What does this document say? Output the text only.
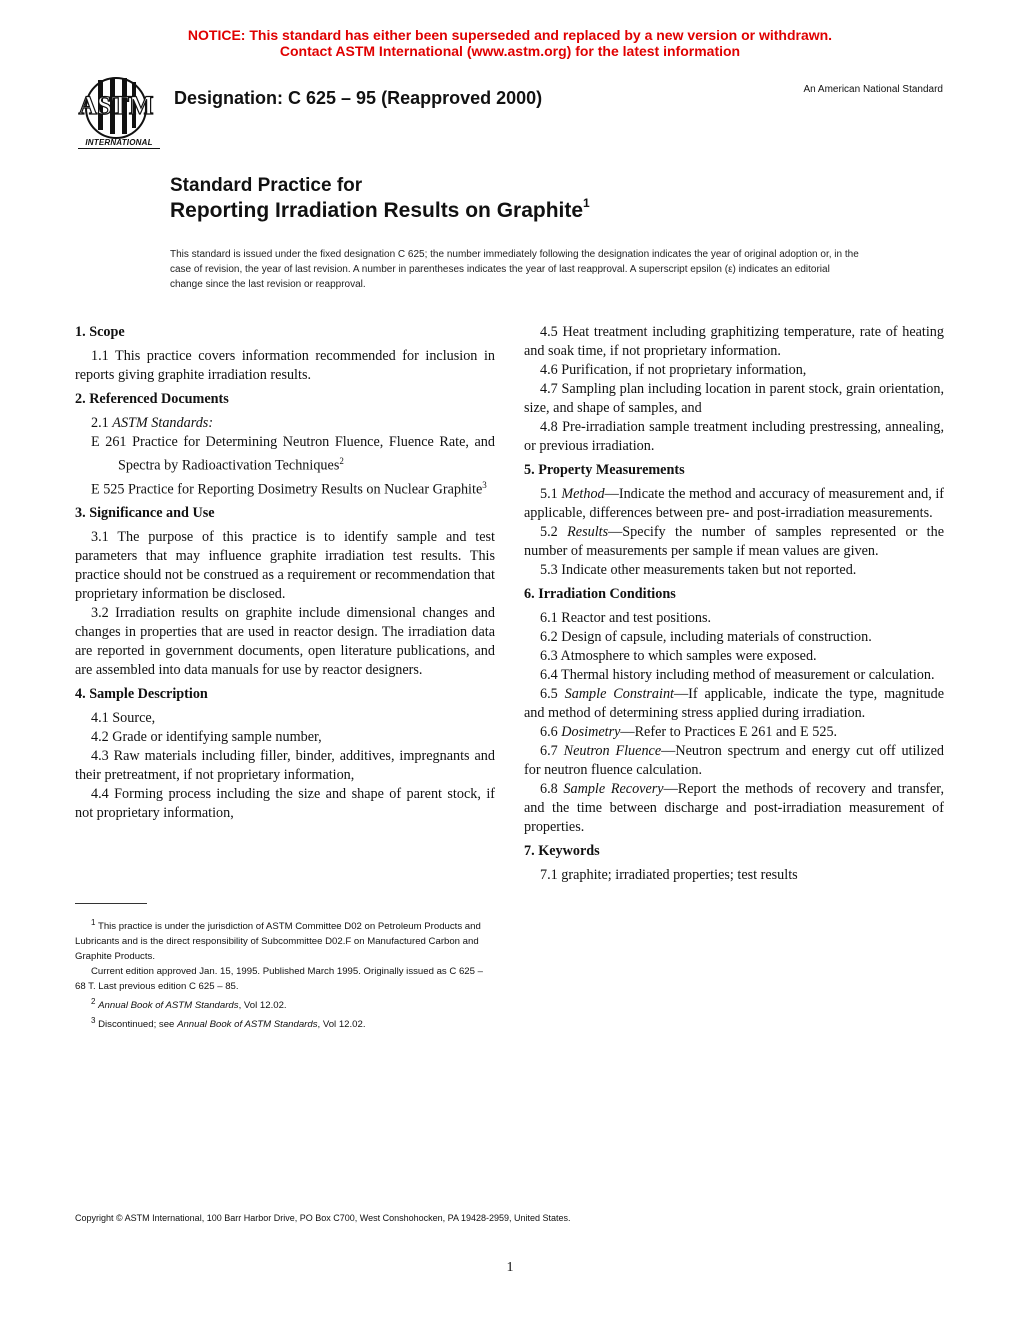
NOTICE: This standard has either been superseded and replaced by a new version or withdrawn.
Contact ASTM International (www.astm.org) for the latest information
ASTM
INTERNATIONAL
Designation: C 625 – 95 (Reapproved 2000)	An American National Standard
Standard Practice for
Reporting Irradiation Results on Graphite$^1$
This standard is issued under the fixed designation C 625; the number immediately following the designation indicates the year of original adoption or, in the case of revision, the year of last revision. A number in parentheses indicates the year of last reapproval. A superscript epsilon (ε) indicates an editorial change since the last revision or reapproval.

1. Scope

1.1 This practice covers information recommended for inclusion in reports giving graphite irradiation results.

2. Referenced Documents

2.1 ASTM Standards:

E 261 Practice for Determining Neutron Fluence, Fluence Rate, and Spectra by Radioactivation Techniques$^2$

E 525 Practice for Reporting Dosimetry Results on Nuclear Graphite$^3$

3. Significance and Use

3.1 The purpose of this practice is to identify sample and test parameters that may influence graphite irradiation test results. This practice should not be construed as a requirement or recommendation that proprietary information be disclosed.

3.2 Irradiation results on graphite include dimensional changes and changes in properties that are used in reactor design. The irradiation data are reported in government documents, open literature publications, and are assembled into data manuals for use by reactor designers.

4. Sample Description

4.1 Source,

4.2 Grade or identifying sample number,

4.3 Raw materials including filler, binder, additives, impregnants and their pretreatment, if not proprietary information,

4.4 Forming process including the size and shape of parent stock, if not proprietary information,

4.5 Heat treatment including graphitizing temperature, rate of heating and soak time, if not proprietary information.

4.6 Purification, if not proprietary information,

4.7 Sampling plan including location in parent stock, grain orientation, size, and shape of samples, and

4.8 Pre-irradiation sample treatment including prestressing, annealing, or previous irradiation.

5. Property Measurements

5.1 Method—Indicate the method and accuracy of measurement and, if applicable, differences between pre- and post-irradiation measurements.

5.2 Results—Specify the number of samples represented or the number of measurements per sample if mean values are given.

5.3 Indicate other measurements taken but not reported.

6. Irradiation Conditions

6.1 Reactor and test positions.

6.2 Design of capsule, including materials of construction.

6.3 Atmosphere to which samples were exposed.

6.4 Thermal history including method of measurement or calculation.

6.5 Sample Constraint—If applicable, indicate the type, magnitude and method of determining stress applied during irradiation.

6.6 Dosimetry—Refer to Practices E 261 and E 525.

6.7 Neutron Fluence—Neutron spectrum and energy cut off utilized for neutron fluence calculation.

6.8 Sample Recovery—Report the methods of recovery and transfer, and the time between discharge and post-irradiation measurement of properties.

7. Keywords

7.1 graphite; irradiated properties; test results

$^1$ This practice is under the jurisdiction of ASTM Committee D02 on Petroleum Products and Lubricants and is the direct responsibility of Subcommittee D02.F on Manufactured Carbon and Graphite Products.

Current edition approved Jan. 15, 1995. Published March 1995. Originally issued as C 625 – 68 T. Last previous edition C 625 – 85.

$^2$ Annual Book of ASTM Standards, Vol 12.02.

$^3$ Discontinued; see Annual Book of ASTM Standards, Vol 12.02.

Copyright © ASTM International, 100 Barr Harbor Drive, PO Box C700, West Conshohocken, PA 19428-2959, United States.
1
